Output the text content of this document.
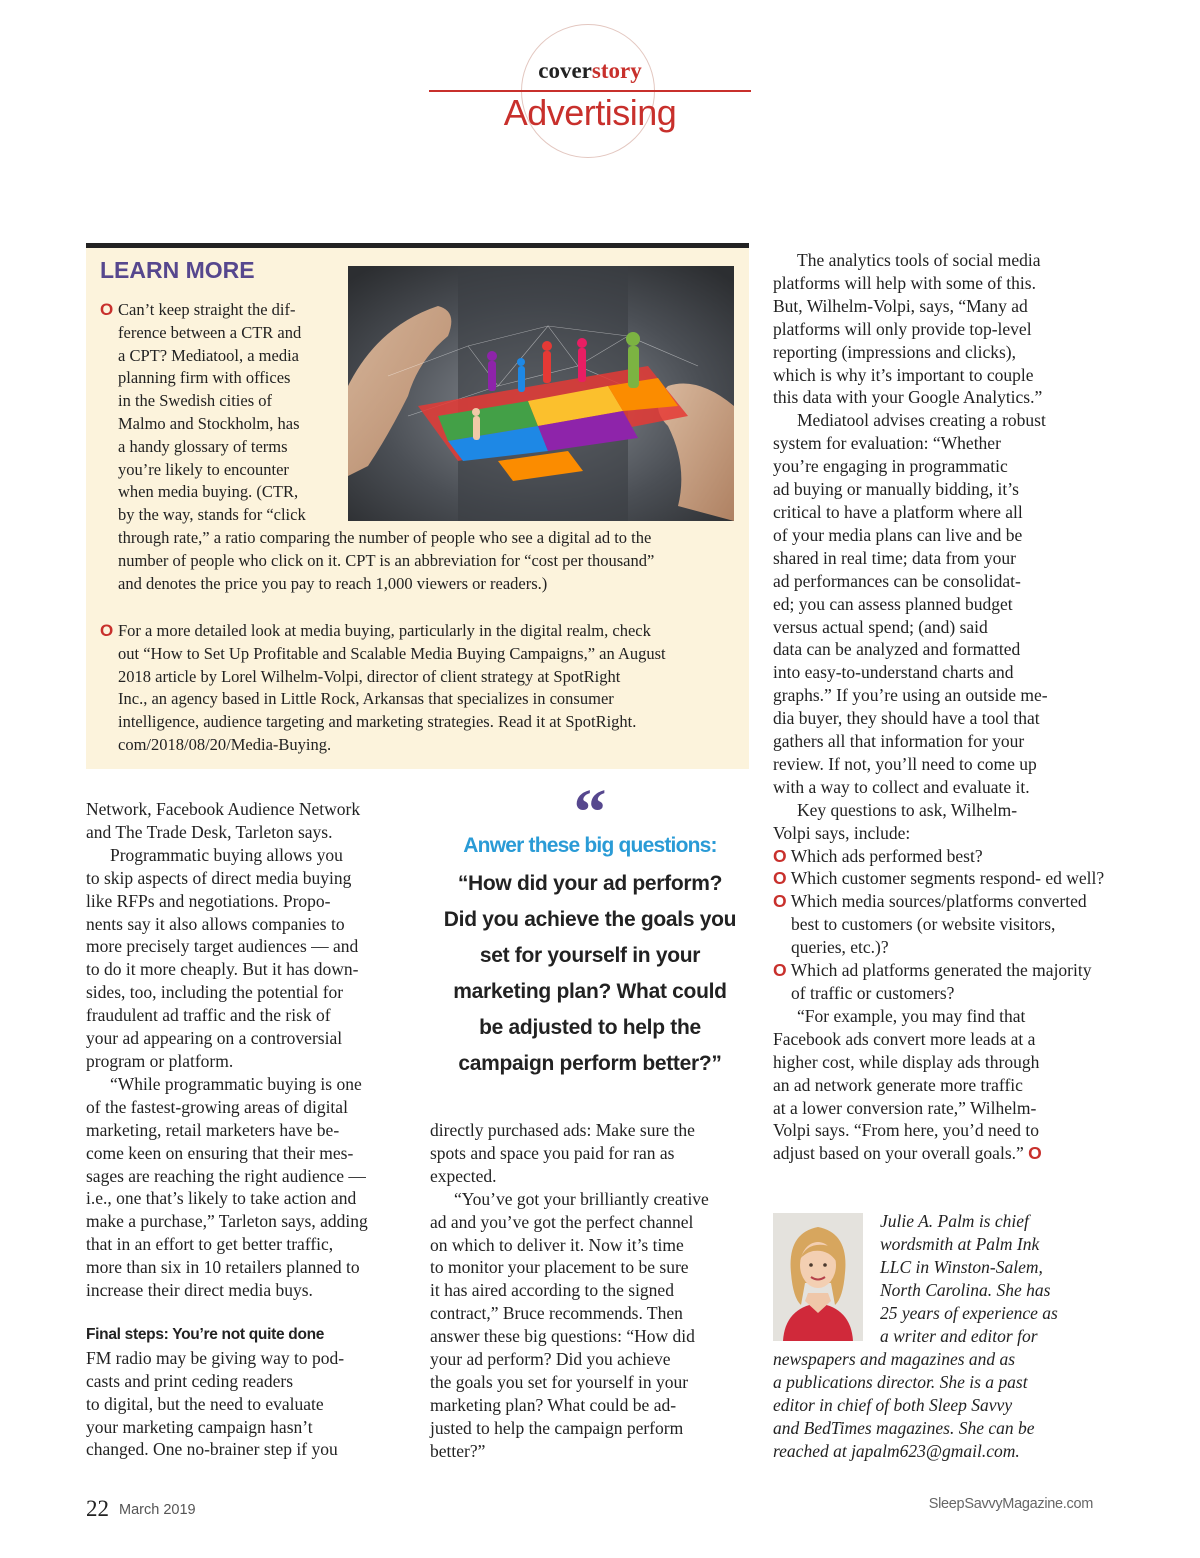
coverstory
Advertising
LEARN MORE
O Can’t keep straight the dif-
ference between a CTR and
a CPT? Mediatool, a media
planning firm with offices
in the Swedish cities of
Malmo and Stockholm, has
a handy glossary of terms
you’re likely to encounter
when media buying. (CTR,
by the way, stands for “click
through rate,” a ratio comparing the number of people who see a digital ad to the
number of people who click on it. CPT is an abbreviation for “cost per thousand”
and denotes the price you pay to reach 1,000 viewers or readers.)
O For a more detailed look at media buying, particularly in the digital realm, check
out “How to Set Up Profitable and Scalable Media Buying Campaigns,” an August
2018 article by Lorel Wilhelm-Volpi, director of client strategy at SpotRight
Inc., an agency based in Little Rock, Arkansas that specializes in consumer
intelligence, audience targeting and marketing strategies. Read it at SpotRight.
com/2018/08/20/Media-Buying.
Network, Facebook Audience Network
and The Trade Desk, Tarleton says.
Programmatic buying allows you
to skip aspects of direct media buying
like RFPs and negotiations. Propo-
nents say it also allows companies to
more precisely target audiences — and
to do it more cheaply. But it has down-
sides, too, including the potential for
fraudulent ad traffic and the risk of
your ad appearing on a controversial
program or platform.
“While programmatic buying is one
of the fastest-growing areas of digital
marketing, retail marketers have be-
come keen on ensuring that their mes-
sages are reaching the right audience —
i.e., one that’s likely to take action and
make a purchase,” Tarleton says, adding
that in an effort to get better traffic,
more than six in 10 retailers planned to
increase their direct media buys.
Final steps: You’re not quite done
FM radio may be giving way to pod-
casts and print ceding readers
to digital, but the need to evaluate
your marketing campaign hasn’t
changed. One no-brainer step if you
“
Anwer these big questions:
“How did your ad perform?
Did you achieve the goals you
set for yourself in your
marketing plan? What could
be adjusted to help the
campaign perform better?”
directly purchased ads: Make sure the
spots and space you paid for ran as
expected.
“You’ve got your brilliantly creative
ad and you’ve got the perfect channel
on which to deliver it. Now it’s time
to monitor your placement to be sure
it has aired according to the signed
contract,” Bruce recommends. Then
answer these big questions: “How did
your ad perform? Did you achieve
the goals you set for yourself in your
marketing plan? What could be ad-
justed to help the campaign perform
better?”
The analytics tools of social media
platforms will help with some of this.
But, Wilhelm-Volpi, says, “Many ad
platforms will only provide top-level
reporting (impressions and clicks),
which is why it’s important to couple
this data with your Google Analytics.”
Mediatool advises creating a robust
system for evaluation: “Whether
you’re engaging in programmatic
ad buying or manually bidding, it’s
critical to have a platform where all
of your media plans can live and be
shared in real time; data from your
ad performances can be consolidat-
ed; you can assess planned budget
versus actual spend; (and) said
data can be analyzed and formatted
into easy-to-understand charts and
graphs.” If you’re using an outside me-
dia buyer, they should have a tool that
gathers all that information for your
review. If not, you’ll need to come up
with a way to collect and evaluate it.
Key questions to ask, Wilhelm-
Volpi says, include:
O Which ads performed best?
O Which customer segments respond- ed well?
O Which media sources/platforms converted best to customers (or website visitors, queries, etc.)?
O Which ad platforms generated the majority of traffic or customers?
“For example, you may find that
Facebook ads convert more leads at a
higher cost, while display ads through
an ad network generate more traffic
at a lower conversion rate,” Wilhelm-
Volpi says. “From here, you’d need to
adjust based on your overall goals.” O
Julie A. Palm is chief
wordsmith at Palm Ink
LLC in Winston-Salem,
North Carolina. She has
25 years of experience as
a writer and editor for
newspapers and magazines and as
a publications director. She is a past
editor in chief of both Sleep Savvy
and BedTimes magazines. She can be
reached at japalm623@gmail.com.
22 March 2019	SleepSavvyMagazine.com
